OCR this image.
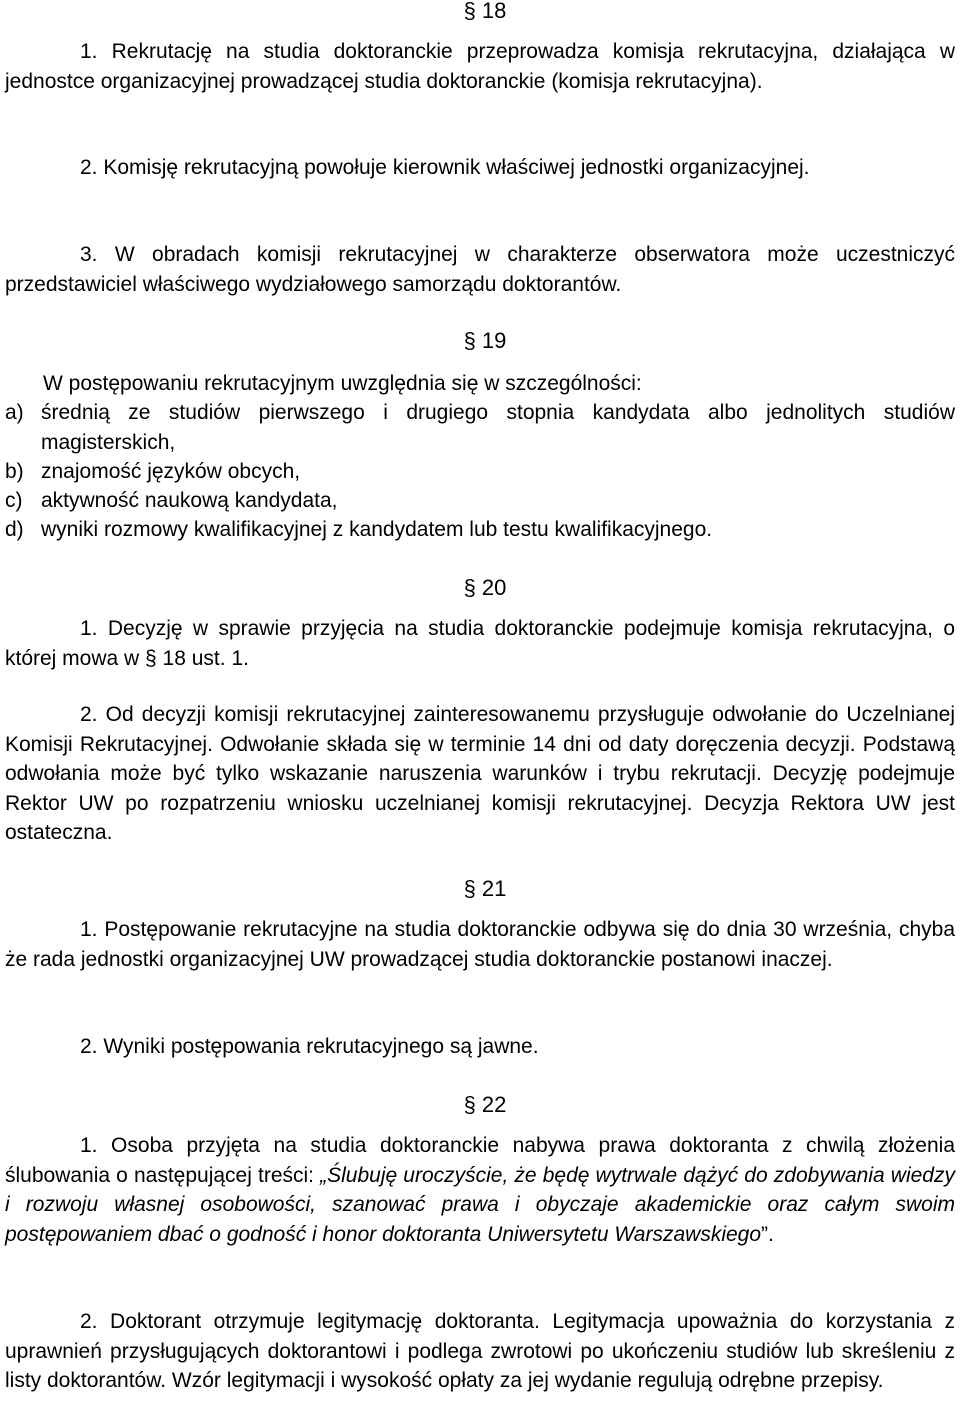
§ 18

1. Rekrutację na studia doktoranckie przeprowadza komisja rekrutacyjna, działająca w jednostce organizacyjnej prowadzącej studia doktoranckie (komisja rekrutacyjna).

2. Komisję rekrutacyjną powołuje kierownik właściwej jednostki organizacyjnej.

3. W obradach komisji rekrutacyjnej w charakterze obserwatora może uczestniczyć przedstawiciel właściwego wydziałowego samorządu doktorantów.

§ 19

W postępowaniu rekrutacyjnym uwzględnia się w szczególności:

a) średnią ze studiów pierwszego i drugiego stopnia kandydata albo jednolitych studiów magisterskich,
b) znajomość języków obcych,
c) aktywność naukową kandydata,
d) wyniki rozmowy kwalifikacyjnej z kandydatem lub testu kwalifikacyjnego.
§ 20

1. Decyzję w sprawie przyjęcia na studia doktoranckie podejmuje komisja rekrutacyjna, o której mowa w § 18 ust. 1.

2. Od decyzji komisji rekrutacyjnej zainteresowanemu przysługuje odwołanie do Uczelnianej Komisji Rekrutacyjnej. Odwołanie składa się w terminie 14 dni od daty doręczenia decyzji. Podstawą odwołania może być tylko wskazanie naruszenia warunków i trybu rekrutacji. Decyzję podejmuje Rektor UW po rozpatrzeniu wniosku uczelnianej komisji rekrutacyjnej. Decyzja Rektora UW jest ostateczna.

§ 21

1. Postępowanie rekrutacyjne na studia doktoranckie odbywa się do dnia 30 września, chyba że rada jednostki organizacyjnej UW prowadzącej studia doktoranckie postanowi inaczej.

2. Wyniki postępowania rekrutacyjnego są jawne.

§ 22

1. Osoba przyjęta na studia doktoranckie nabywa prawa doktoranta z chwilą złożenia ślubowania o następującej treści: „Ślubuję uroczyście, że będę wytrwale dążyć do zdobywania wiedzy i rozwoju własnej osobowości, szanować prawa i obyczaje akademickie oraz całym swoim postępowaniem dbać o godność i honor doktoranta Uniwersytetu Warszawskiego”.

2. Doktorant otrzymuje legitymację doktoranta. Legitymacja upoważnia do korzystania z uprawnień przysługujących doktorantowi i podlega zwrotowi po ukończeniu studiów lub skreśleniu z listy doktorantów. Wzór legitymacji i wysokość opłaty za jej wydanie regulują odrębne przepisy.
